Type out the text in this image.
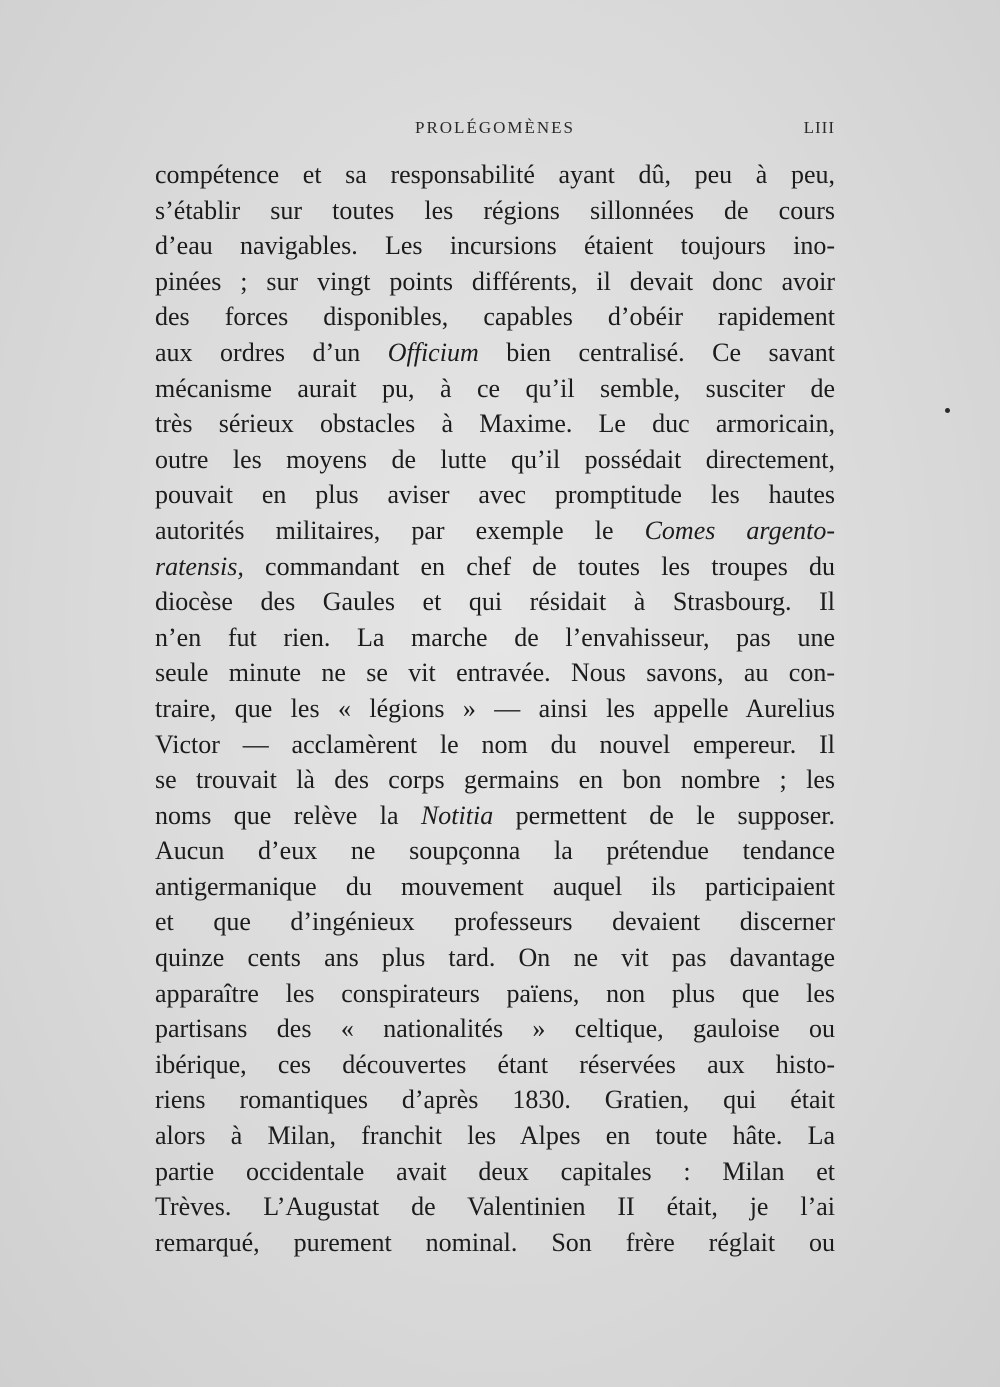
PROLÉGOMÈNES	LIII
compétence et sa responsabilité ayant dû, peu à peu,
s’établir sur toutes les régions sillonnées de cours
d’eau navigables. Les incursions étaient toujours ino-
pinées ; sur vingt points différents, il devait donc avoir
des forces disponibles, capables d’obéir rapidement
aux ordres d’un Officium bien centralisé. Ce savant
mécanisme aurait pu, à ce qu’il semble, susciter de
très sérieux obstacles à Maxime. Le duc armoricain,
outre les moyens de lutte qu’il possédait directement,
pouvait en plus aviser avec promptitude les hautes
autorités militaires, par exemple le Comes argento-
ratensis, commandant en chef de toutes les troupes du
diocèse des Gaules et qui résidait à Strasbourg. Il
n’en fut rien. La marche de l’envahisseur, pas une
seule minute ne se vit entravée. Nous savons, au con-
traire, que les « légions » — ainsi les appelle Aurelius
Victor — acclamèrent le nom du nouvel empereur. Il
se trouvait là des corps germains en bon nombre ; les
noms que relève la Notitia permettent de le supposer.
Aucun d’eux ne soupçonna la prétendue tendance
antigermanique du mouvement auquel ils participaient
et que d’ingénieux professeurs devaient discerner
quinze cents ans plus tard. On ne vit pas davantage
apparaître les conspirateurs païens, non plus que les
partisans des « nationalités » celtique, gauloise ou
ibérique, ces découvertes étant réservées aux histo-
riens romantiques d’après 1830. Gratien, qui était
alors à Milan, franchit les Alpes en toute hâte. La
partie occidentale avait deux capitales : Milan et
Trèves. L’Augustat de Valentinien II était, je l’ai
remarqué, purement nominal. Son frère réglait ou
